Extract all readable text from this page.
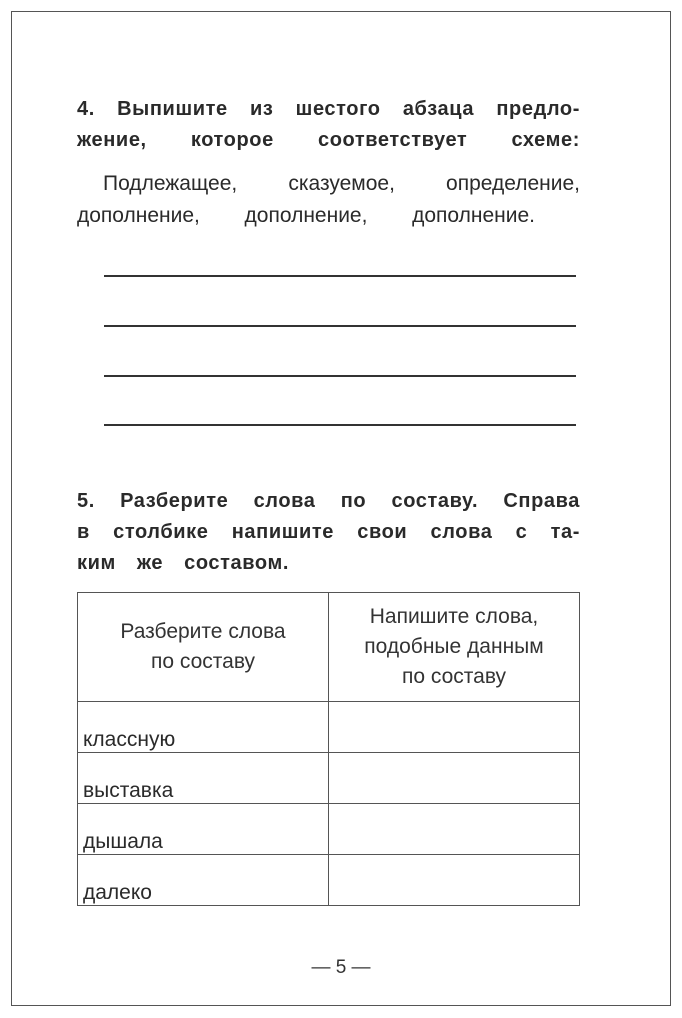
4. Выпишите из шестого абзаца предло-
жение, которое соответствует схеме:

Подлежащее, сказуемое, определение,
дополнение, дополнение, дополнение.

5. Разберите слова по составу. Справа
в столбике напишите свои слова с та-
ким же составом.

Разберите слова
по составу	Напишите слова,
подобные данным
по составу

классную	

выставка	

дышала	

далеко	

— 5 —
